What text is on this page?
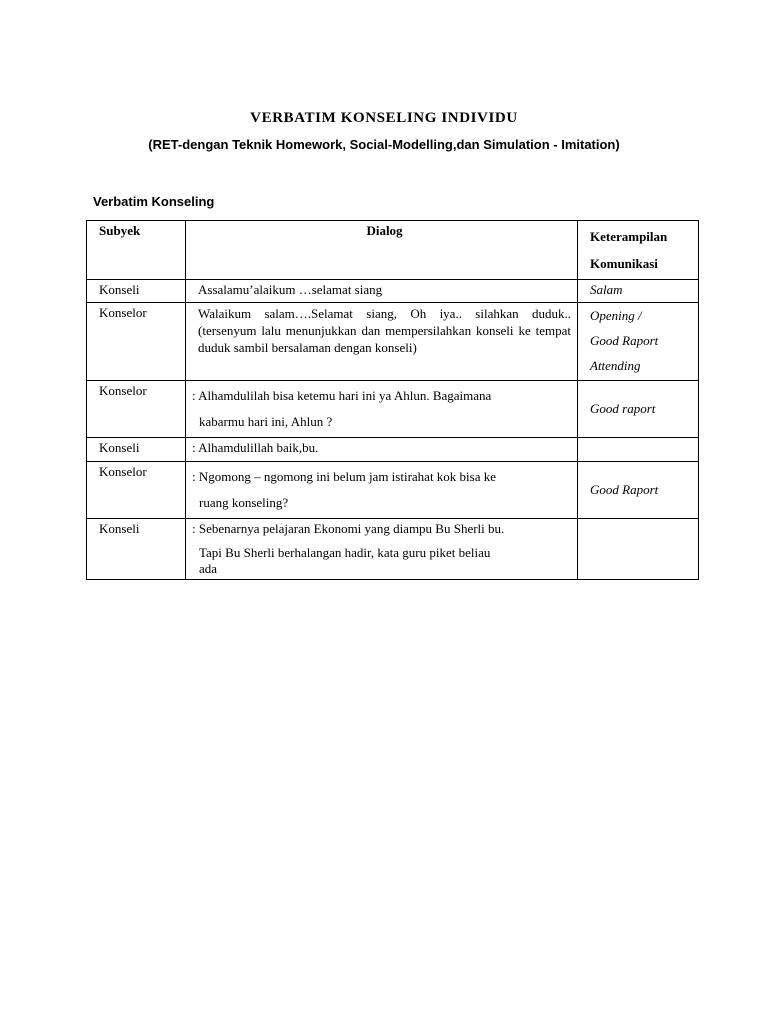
VERBATIM KONSELING INDIVIDU
(RET-dengan Teknik Homework, Social-Modelling,dan Simulation - Imitation)
Verbatim Konseling
Subyek	Dialog	Keterampilan
Komunikasi

Konseli	Assalamu’alaikum …selamat siang	Salam
Konselor	Walaikum salam….Selamat siang, Oh iya.. silahkan duduk.. (tersenyum lalu menunjukkan dan mempersilahkan konseli ke tempat duduk sambil bersalaman dengan konseli)	Opening /
Good Raport
Attending

Konselor	: Alhamdulilah bisa ketemu hari ini ya Ahlun. Bagaimana
kabarmu hari ini, Ahlun ?	Good raport
Konseli	: Alhamdulillah baik,bu.	
Konselor	: Ngomong – ngomong ini belum jam istirahat kok bisa ke
ruang konseling?	Good Raport
Konseli	: Sebenarnya pelajaran Ekonomi yang diampu Bu Sherli bu.
Tapi Bu Sherli berhalangan hadir, kata guru piket beliau
ada	
